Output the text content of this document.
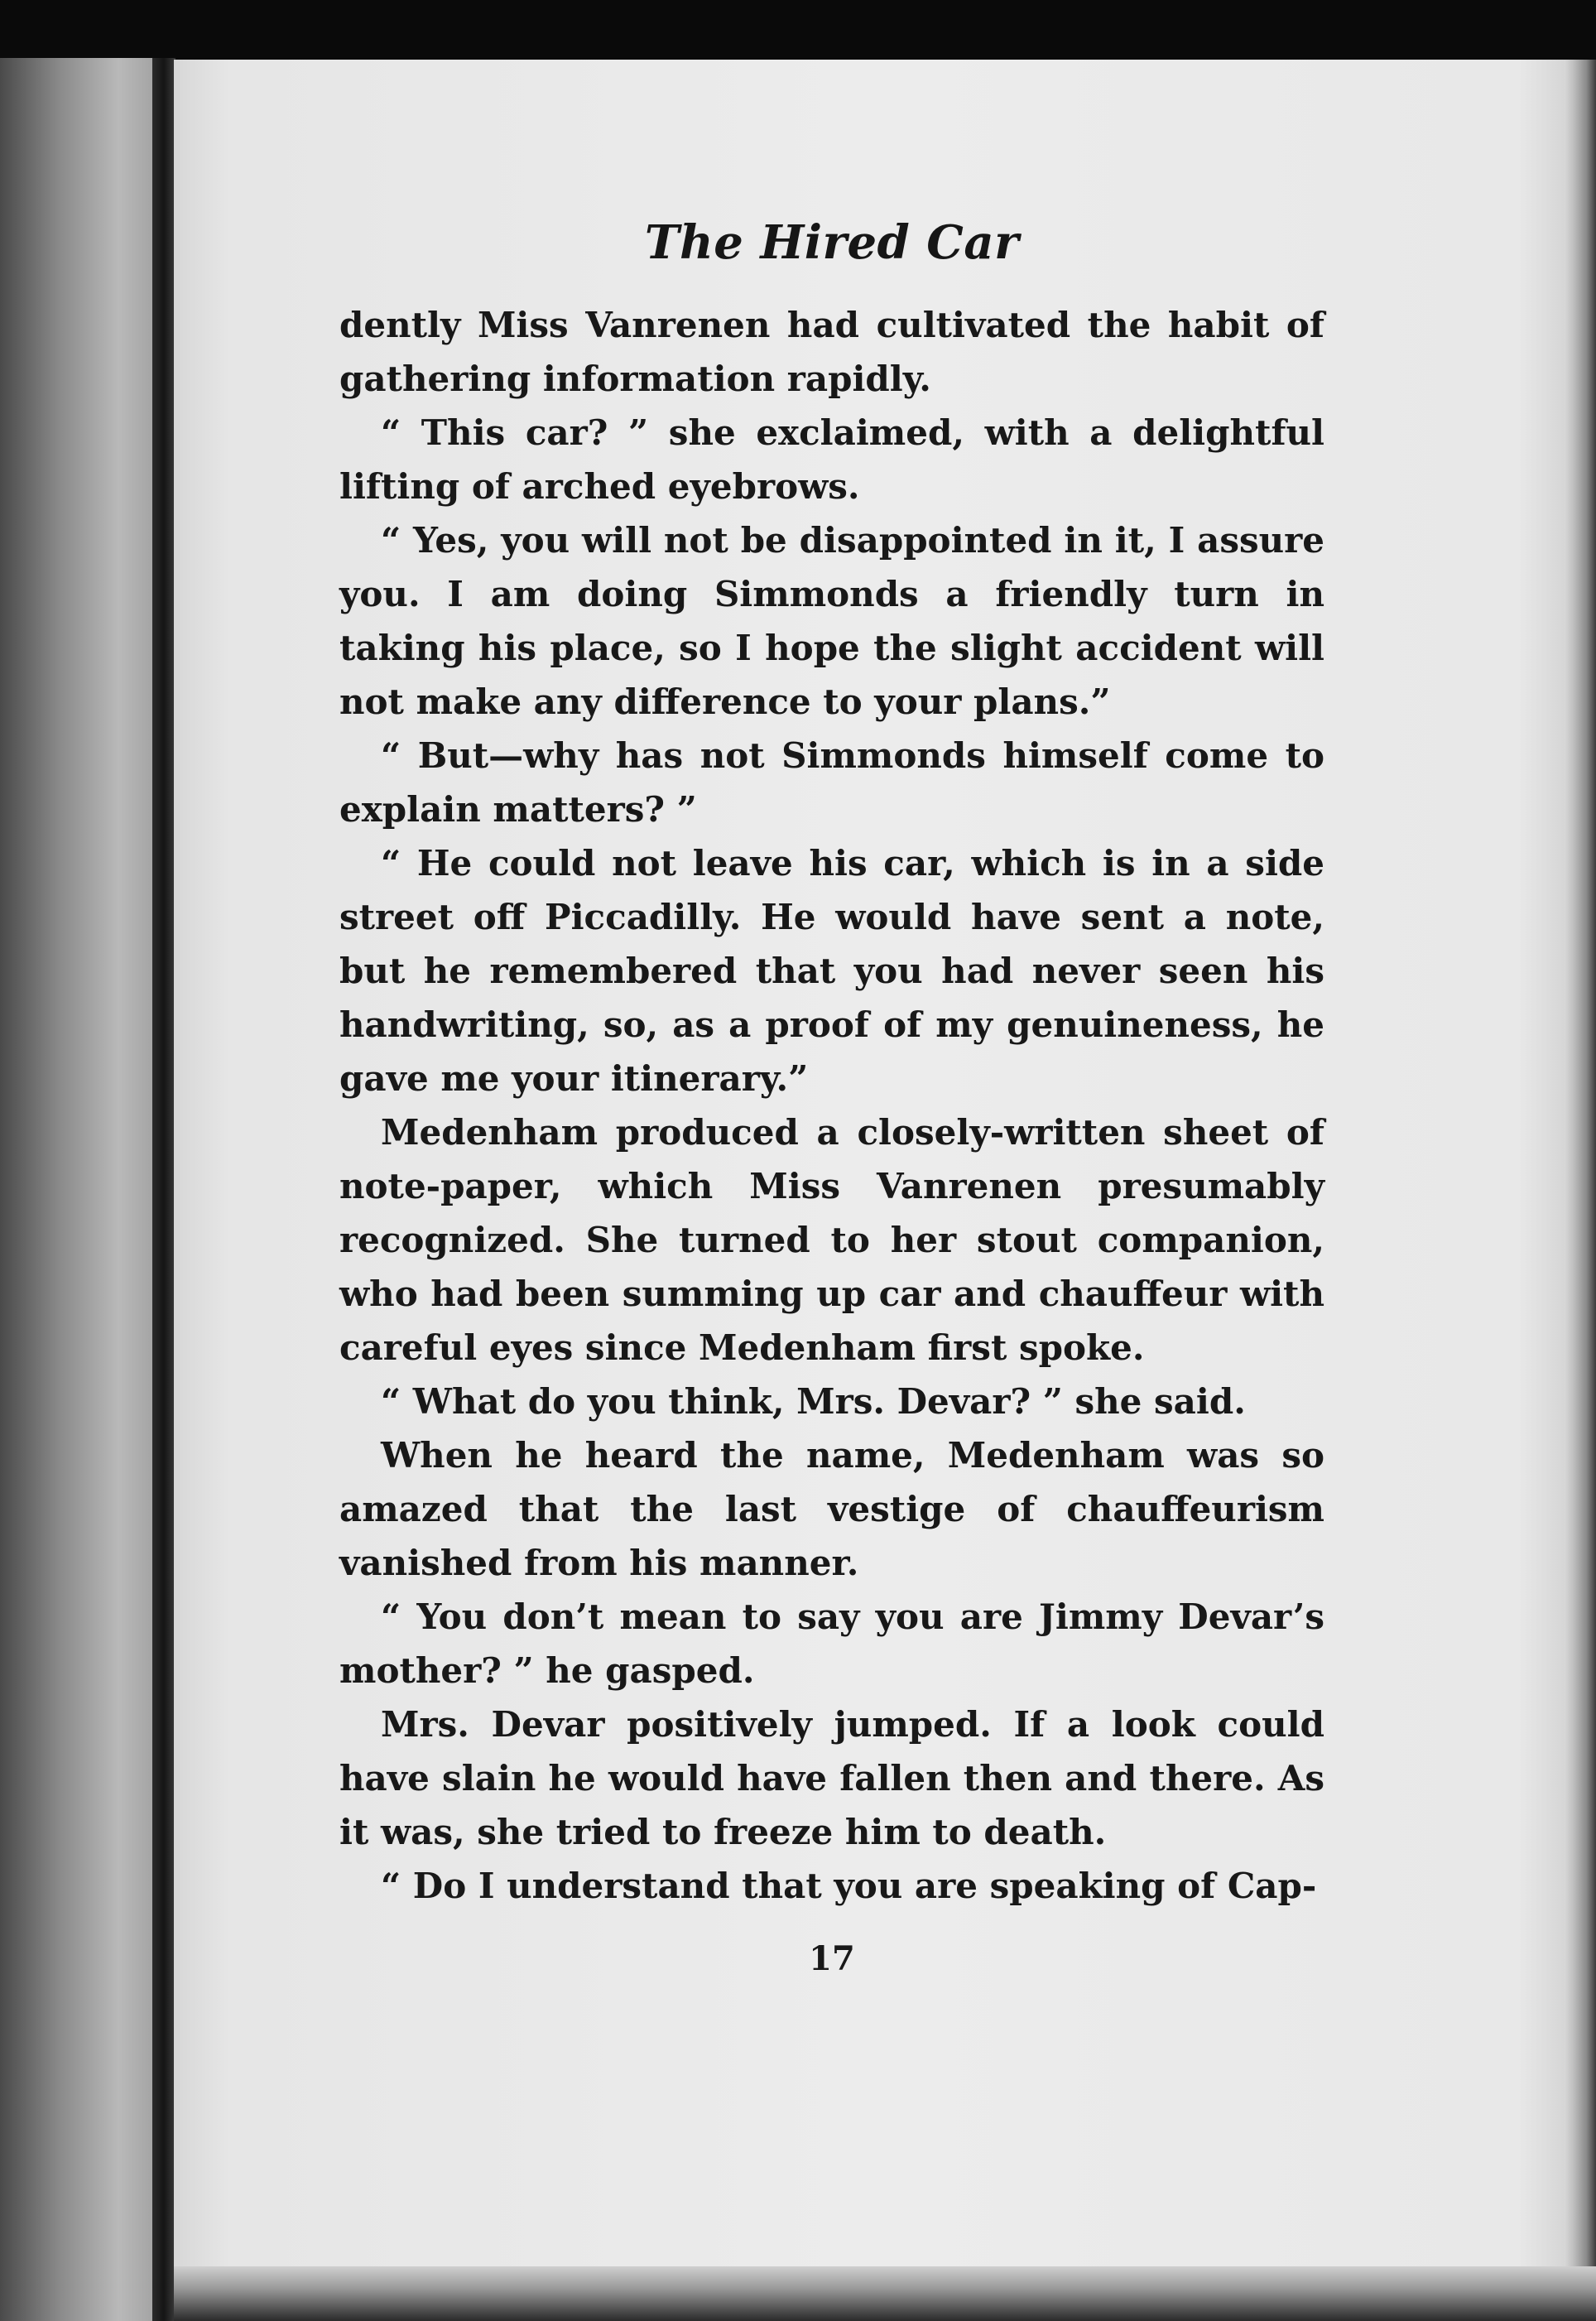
The Hired Car

dently Miss Vanrenen had cultivated the habit of gathering information rapidly.

“ This car? ” she exclaimed, with a delightful lifting of arched eyebrows.

“ Yes, you will not be disappointed in it, I assure you. I am doing Simmonds a friendly turn in taking his place, so I hope the slight accident will not make any difference to your plans.”

“ But—why has not Simmonds himself come to explain matters? ”

“ He could not leave his car, which is in a side street off Piccadilly. He would have sent a note, but he remembered that you had never seen his handwriting, so, as a proof of my genuineness, he gave me your itinerary.”

Medenham produced a closely-written sheet of note-paper, which Miss Vanrenen presumably recognized. She turned to her stout companion, who had been summing up car and chauffeur with careful eyes since Medenham first spoke.

“ What do you think, Mrs. Devar? ” she said.

When he heard the name, Medenham was so amazed that the last vestige of chauffeurism vanished from his manner.

“ You don’t mean to say you are Jimmy Devar’s mother? ” he gasped.

Mrs. Devar positively jumped. If a look could have slain he would have fallen then and there. As it was, she tried to freeze him to death.

“ Do I understand that you are speaking of Cap-

17
